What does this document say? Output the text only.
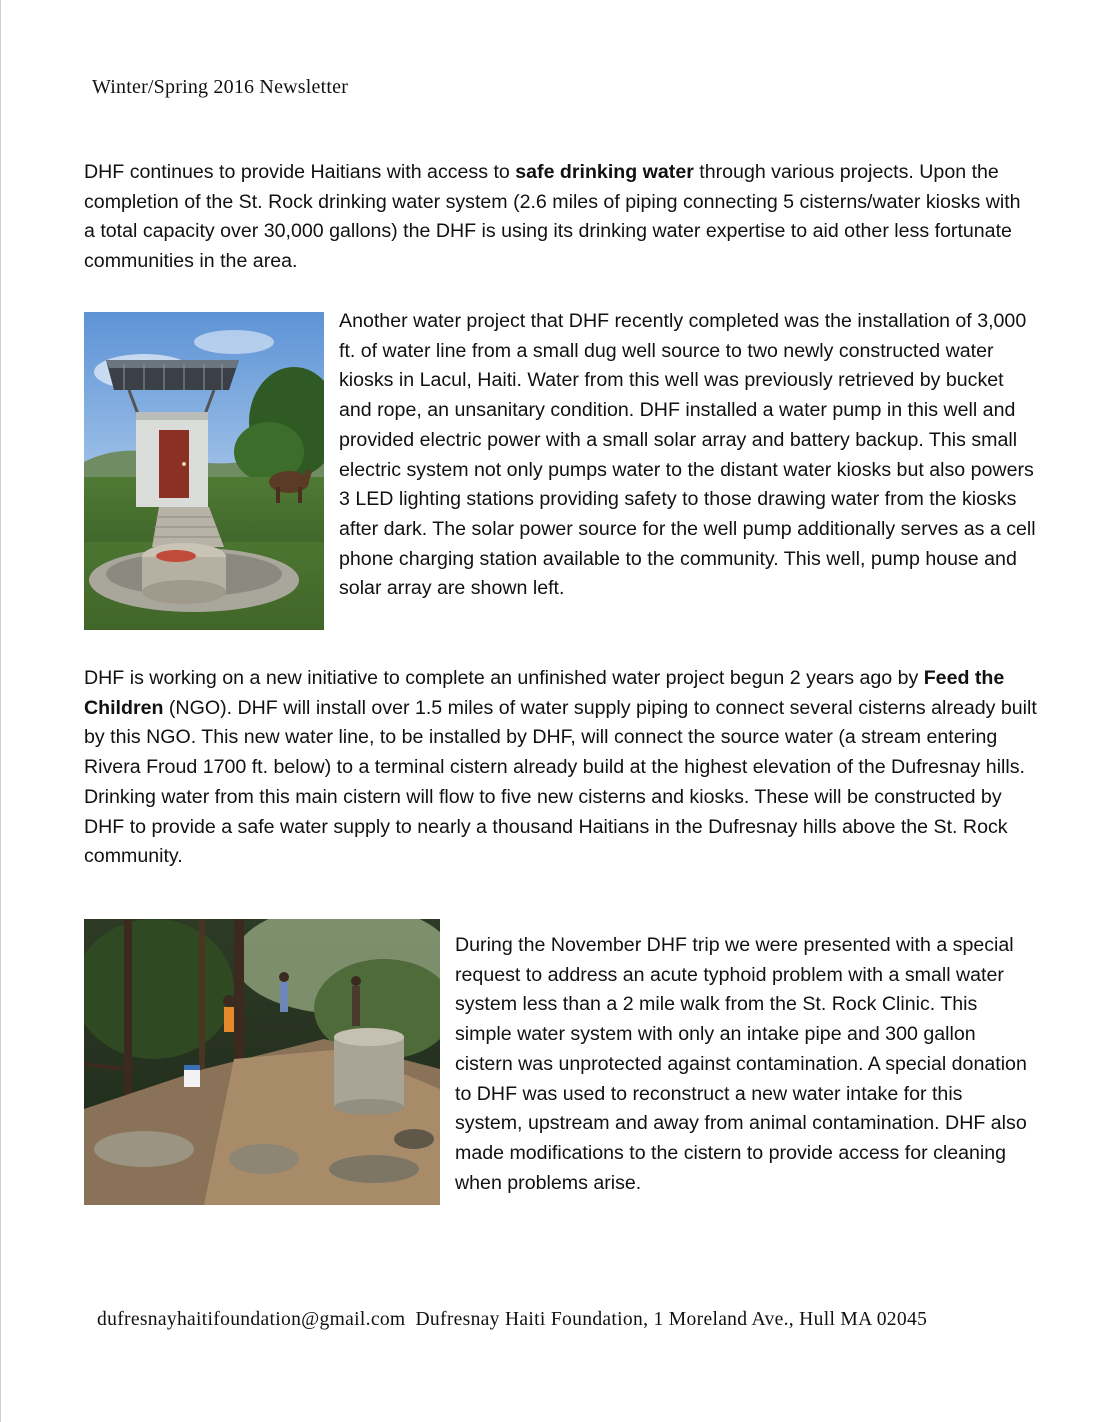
Winter/Spring 2016 Newsletter

DHF continues to provide Haitians with access to safe drinking water through various projects. Upon the completion of the St. Rock drinking water system (2.6 miles of piping connecting 5 cisterns/water kiosks with a total capacity over 30,000 gallons) the DHF is using its drinking water expertise to aid other less fortunate communities in the area.

Another water project that DHF recently completed was the installation of 3,000 ft. of water line from a small dug well source to two newly constructed water kiosks in Lacul, Haiti. Water from this well was previously retrieved by bucket and rope, an unsanitary condition. DHF installed a water pump in this well and provided electric power with a small solar array and battery backup. This small electric system not only pumps water to the distant water kiosks but also powers 3 LED lighting stations providing safety to those drawing water from the kiosks after dark. The solar power source for the well pump additionally serves as a cell phone charging station available to the community. This well, pump house and solar array are shown left.

DHF is working on a new initiative to complete an unfinished water project begun 2 years ago by Feed the Children (NGO). DHF will install over 1.5 miles of water supply piping to connect several cisterns already built by this NGO. This new water line, to be installed by DHF, will connect the source water (a stream entering Rivera Froud 1700 ft. below) to a terminal cistern already build at the highest elevation of the Dufresnay hills. Drinking water from this main cistern will flow to five new cisterns and kiosks. These will be constructed by DHF to provide a safe water supply to nearly a thousand Haitians in the Dufresnay hills above the St. Rock community.

During the November DHF trip we were presented with a special request to address an acute typhoid problem with a small water system less than a 2 mile walk from the St. Rock Clinic. This simple water system with only an intake pipe and 300 gallon cistern was unprotected against contamination. A special donation to DHF was used to reconstruct a new water intake for this system, upstream and away from animal contamination. DHF also made modifications to the cistern to provide access for cleaning when problems arise.

dufresnayhaitifoundation@gmail.com Dufresnay Haiti Foundation, 1 Moreland Ave., Hull MA 02045
